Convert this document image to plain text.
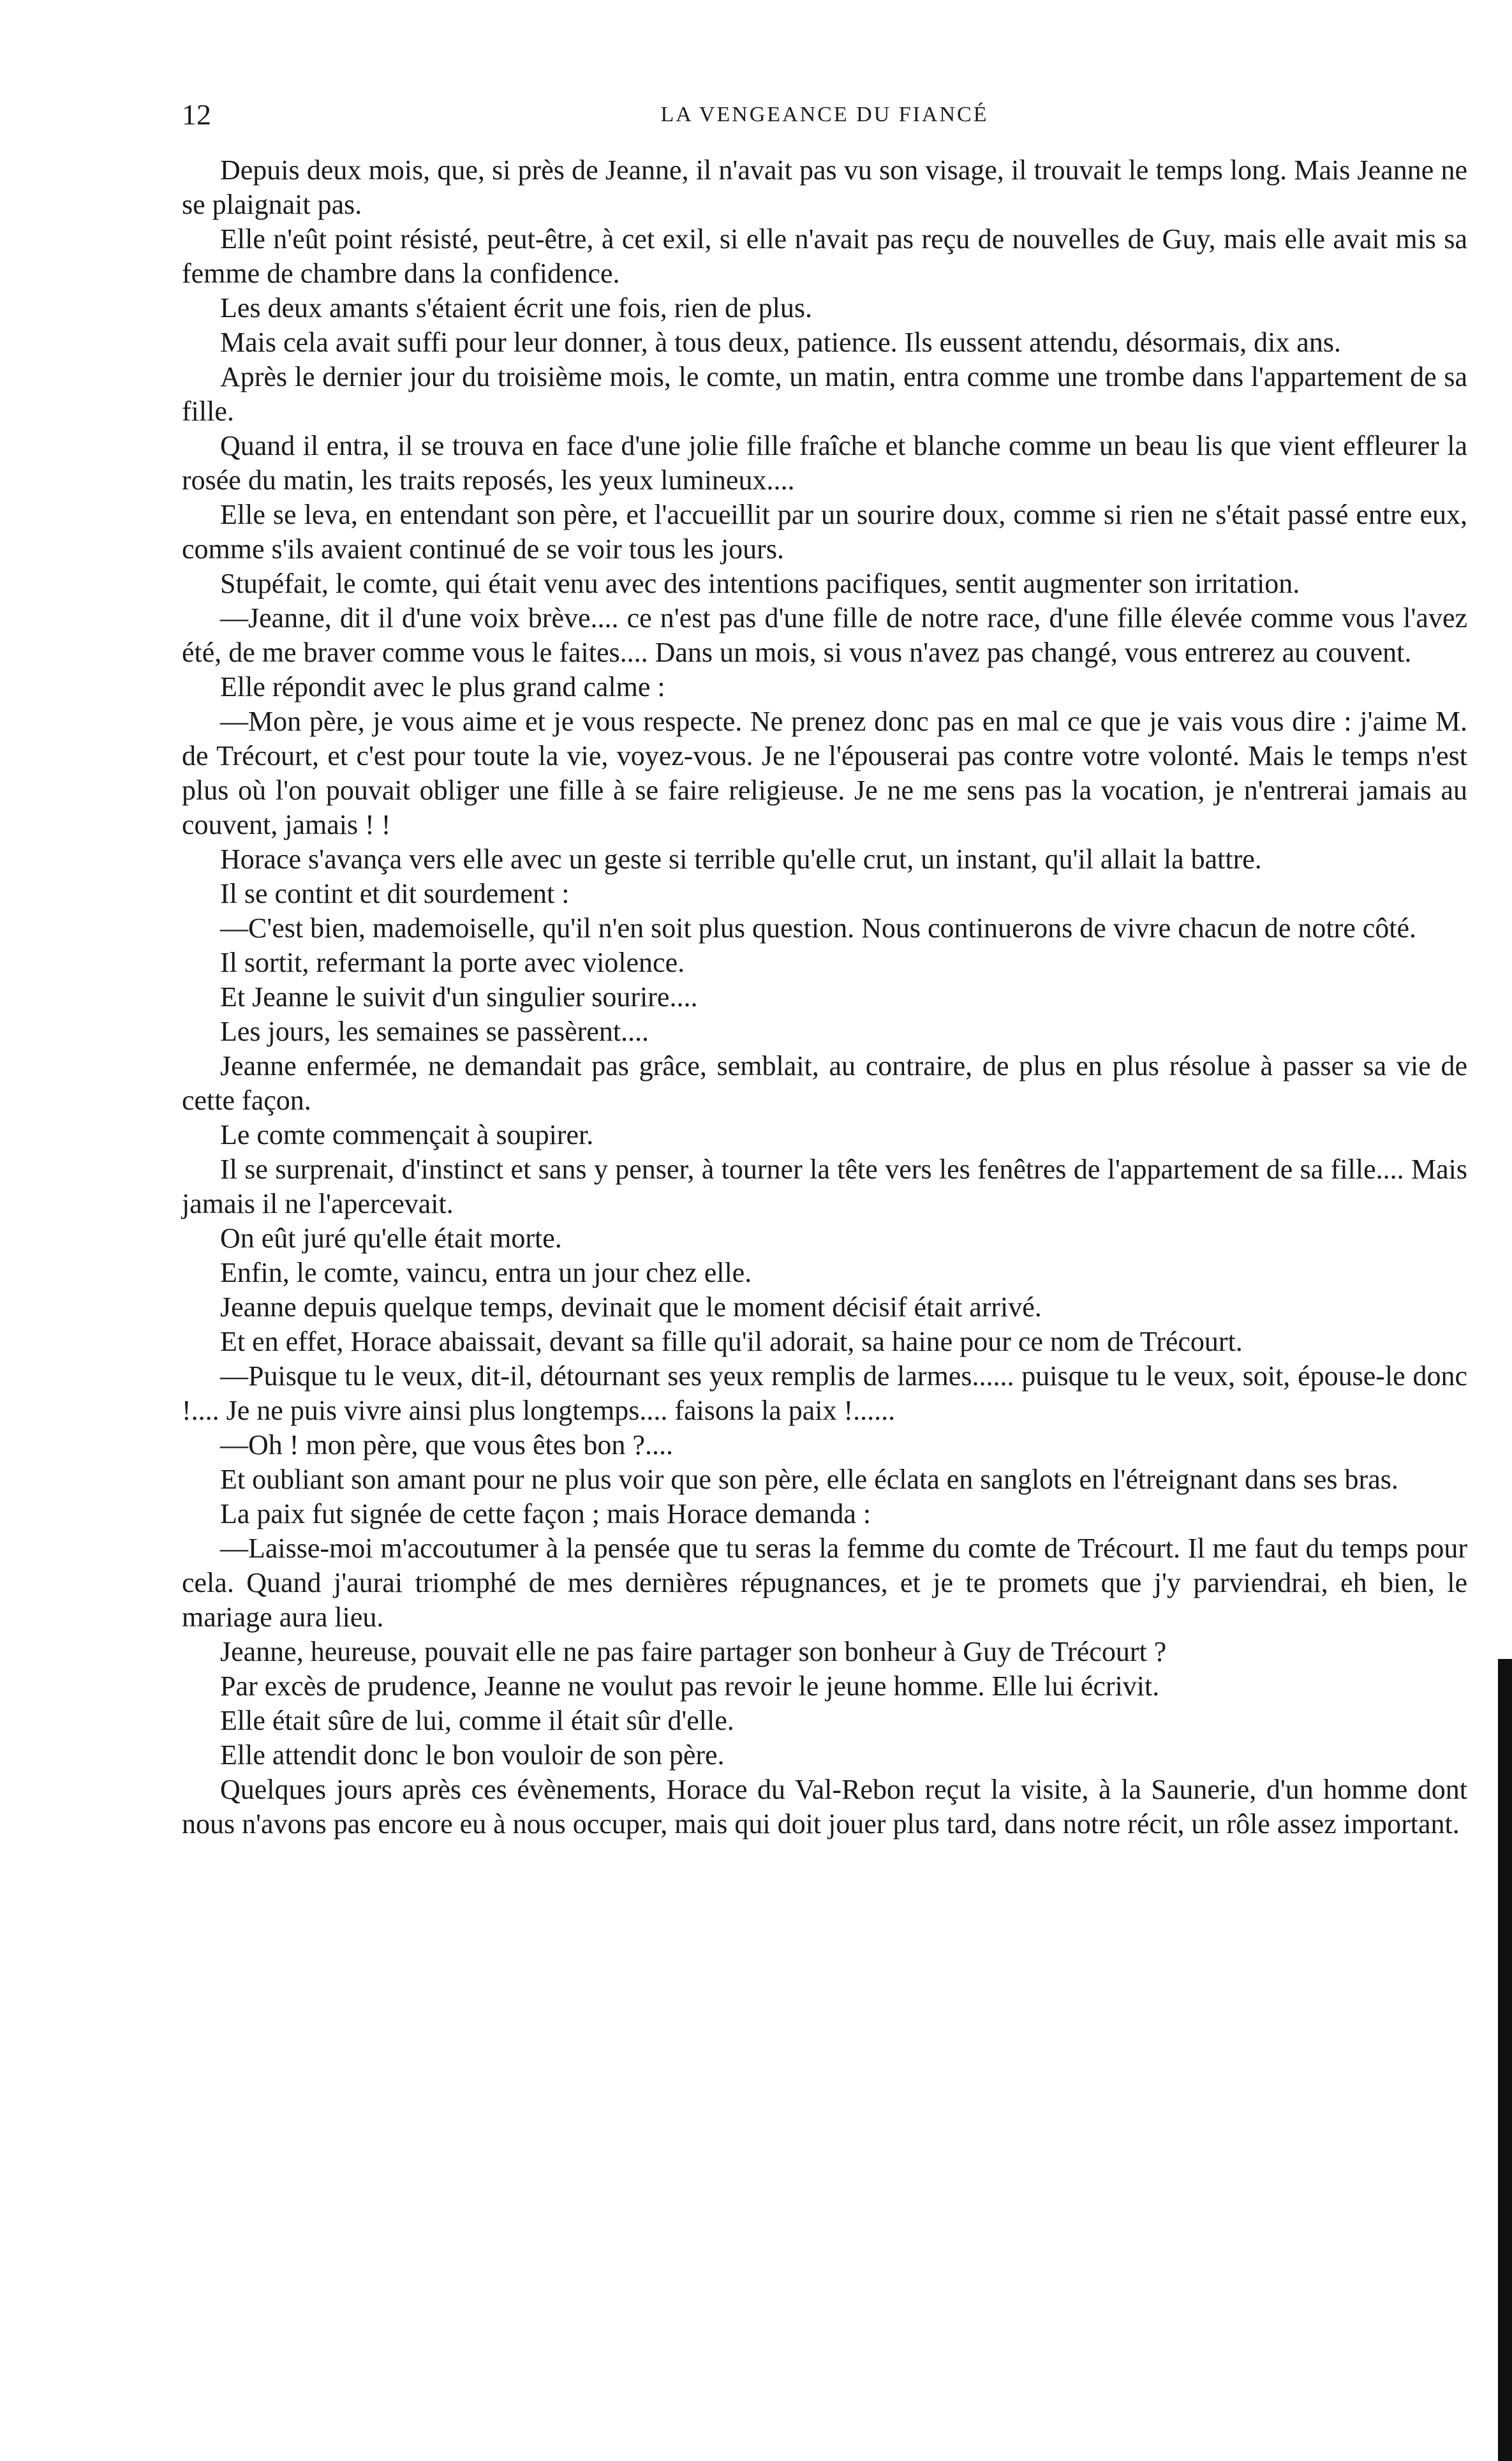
12	LA VENGEANCE DU FIANCÉ

Depuis deux mois, que, si près de Jeanne, il n'avait pas vu son visage, il trouvait le temps long. Mais Jeanne ne se plaignait pas.

Elle n'eût point résisté, peut-être, à cet exil, si elle n'avait pas reçu de nouvelles de Guy, mais elle avait mis sa femme de chambre dans la confidence.

Les deux amants s'étaient écrit une fois, rien de plus.

Mais cela avait suffi pour leur donner, à tous deux, patience. Ils eussent attendu, désormais, dix ans.

Après le dernier jour du troisième mois, le comte, un matin, entra comme une trombe dans l'appartement de sa fille.

Quand il entra, il se trouva en face d'une jolie fille fraîche et blanche comme un beau lis que vient effleurer la rosée du matin, les traits reposés, les yeux lumineux....

Elle se leva, en entendant son père, et l'accueillit par un sourire doux, comme si rien ne s'était passé entre eux, comme s'ils avaient continué de se voir tous les jours.

Stupéfait, le comte, qui était venu avec des intentions pacifiques, sentit augmenter son irritation.

—Jeanne, dit il d'une voix brève.... ce n'est pas d'une fille de notre race, d'une fille élevée comme vous l'avez été, de me braver comme vous le faites.... Dans un mois, si vous n'avez pas changé, vous entrerez au couvent.

Elle répondit avec le plus grand calme :

—Mon père, je vous aime et je vous respecte. Ne prenez donc pas en mal ce que je vais vous dire : j'aime M. de Trécourt, et c'est pour toute la vie, voyez-vous. Je ne l'épouserai pas contre votre volonté. Mais le temps n'est plus où l'on pouvait obliger une fille à se faire religieuse. Je ne me sens pas la vocation, je n'entrerai jamais au couvent, jamais ! !

Horace s'avança vers elle avec un geste si terrible qu'elle crut, un instant, qu'il allait la battre.

Il se contint et dit sourdement :

—C'est bien, mademoiselle, qu'il n'en soit plus question. Nous continuerons de vivre chacun de notre côté.

Il sortit, refermant la porte avec violence.

Et Jeanne le suivit d'un singulier sourire....

Les jours, les semaines se passèrent....

Jeanne enfermée, ne demandait pas grâce, semblait, au contraire, de plus en plus résolue à passer sa vie de cette façon.

Le comte commençait à soupirer.

Il se surprenait, d'instinct et sans y penser, à tourner la tête vers les fenêtres de l'appartement de sa fille.... Mais jamais il ne l'apercevait.

On eût juré qu'elle était morte.

Enfin, le comte, vaincu, entra un jour chez elle.

Jeanne depuis quelque temps, devinait que le moment décisif était arrivé.

Et en effet, Horace abaissait, devant sa fille qu'il adorait, sa haine pour ce nom de Trécourt.

—Puisque tu le veux, dit-il, détournant ses yeux remplis de larmes...... puisque tu le veux, soit, épouse-le donc !.... Je ne puis vivre ainsi plus longtemps.... faisons la paix !......

—Oh ! mon père, que vous êtes bon ?....

Et oubliant son amant pour ne plus voir que son père, elle éclata en sanglots en l'étreignant dans ses bras.

La paix fut signée de cette façon ; mais Horace demanda :

—Laisse-moi m'accoutumer à la pensée que tu seras la femme du comte de Trécourt. Il me faut du temps pour cela. Quand j'aurai triomphé de mes dernières répugnances, et je te promets que j'y parviendrai, eh bien, le mariage aura lieu.

Jeanne, heureuse, pouvait elle ne pas faire partager son bonheur à Guy de Trécourt ?

Par excès de prudence, Jeanne ne voulut pas revoir le jeune homme. Elle lui écrivit.

Elle était sûre de lui, comme il était sûr d'elle.

Elle attendit donc le bon vouloir de son père.

Quelques jours après ces évènements, Horace du Val-Rebon reçut la visite, à la Saunerie, d'un homme dont nous n'avons pas encore eu à nous occuper, mais qui doit jouer plus tard, dans notre récit, un rôle assez important.
